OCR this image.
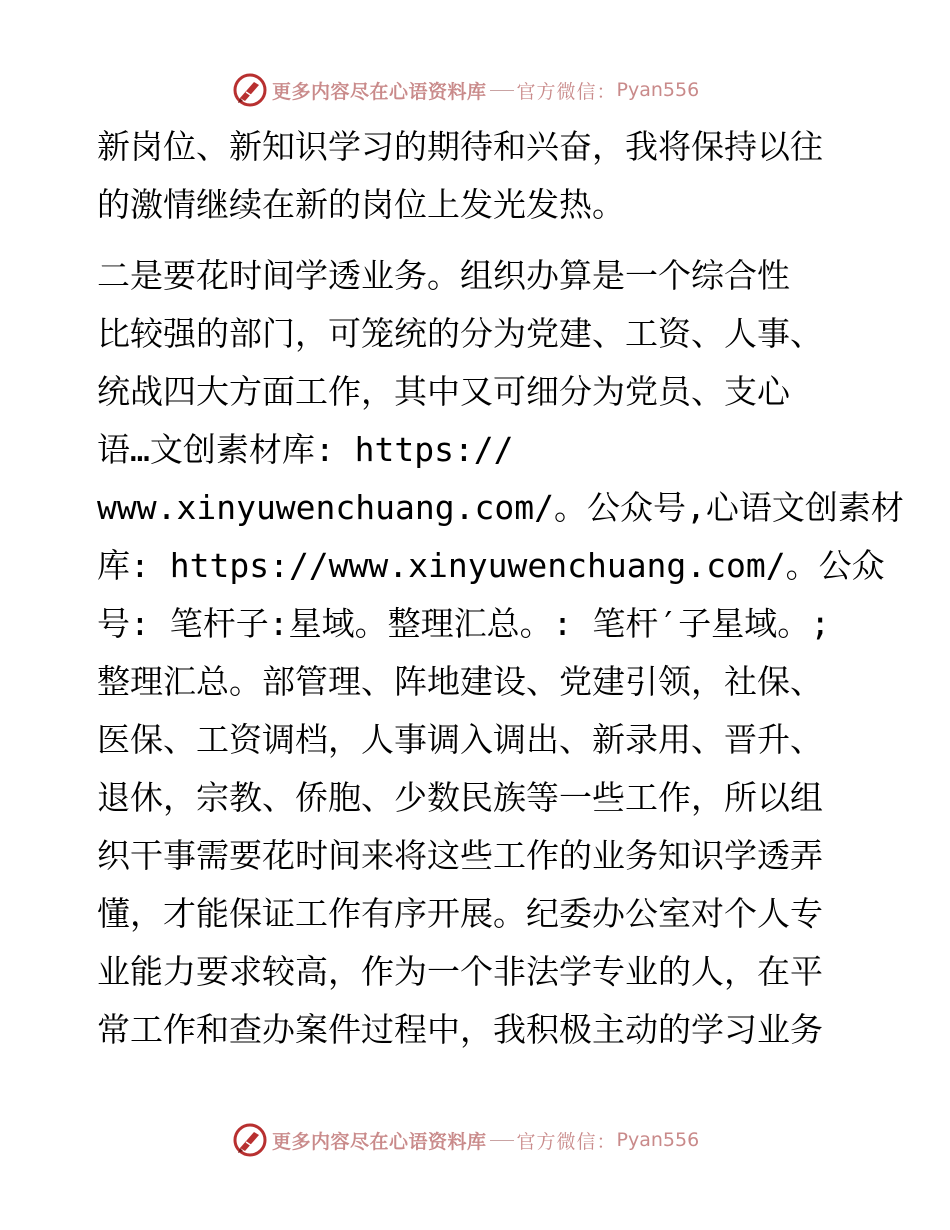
更多内容尽在心语资料库 官方微信： Pyan556
新岗位、新知识学习的期待和兴奋，我将保持以往
的激情继续在新的岗位上发光发热。
二是要花时间学透业务。组织办算是一个综合性
比较强的部门，可笼统的分为党建、工资、人事、
统战四大方面工作，其中又可细分为党员、支心
语…文创素材库: https://
www.xinyuwenchuang.com/。公众号,心语文创素材
库: https://www.xinyuwenchuang.com/。公众
号: 笔杆子:星域。整理汇总。: 笔杆′子星域。;
整理汇总。部管理、阵地建设、党建引领，社保、
医保、工资调档，人事调入调出、新录用、晋升、
退休，宗教、侨胞、少数民族等一些工作，所以组
织干事需要花时间来将这些工作的业务知识学透弄
懂，才能保证工作有序开展。纪委办公室对个人专
业能力要求较高，作为一个非法学专业的人，在平
常工作和查办案件过程中，我积极主动的学习业务
更多内容尽在心语资料库 官方微信： Pyan556
